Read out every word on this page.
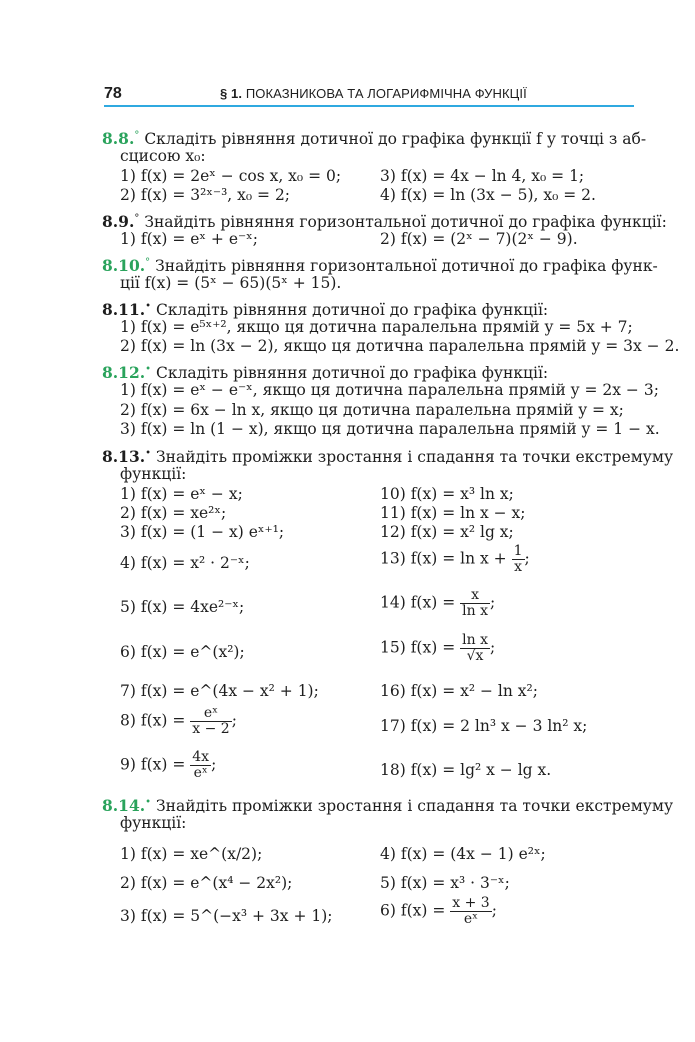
78	§ 1. ПОКАЗНИКОВА ТА ЛОГАРИФМІЧНА ФУНКЦІЇ
8.8.° Складіть рівняння дотичної до графіка функції f у точці з аб-
сцисою x₀:
1) f(x) = 2eˣ − cos x, x₀ = 0;	3) f(x) = 4x − ln 4, x₀ = 1;
2) f(x) = 3²ˣ⁻³, x₀ = 2;	4) f(x) = ln (3x − 5), x₀ = 2.
8.9.° Знайдіть рівняння горизонтальної дотичної до графіка функції:
1) f(x) = eˣ + e⁻ˣ;	2) f(x) = (2ˣ − 7)(2ˣ − 9).
8.10.° Знайдіть рівняння горизонтальної дотичної до графіка функ-
ції f(x) = (5ˣ − 65)(5ˣ + 15).
8.11.• Складіть рівняння дотичної до графіка функції:
1) f(x) = e⁵ˣ⁺², якщо ця дотична паралельна прямій y = 5x + 7;
2) f(x) = ln (3x − 2), якщо ця дотична паралельна прямій y = 3x − 2.
8.12.• Складіть рівняння дотичної до графіка функції:
1) f(x) = eˣ − e⁻ˣ, якщо ця дотична паралельна прямій y = 2x − 3;
2) f(x) = 6x − ln x, якщо ця дотична паралельна прямій y = x;
3) f(x) = ln (1 − x), якщо ця дотична паралельна прямій y = 1 − x.
8.13.• Знайдіть проміжки зростання і спадання та точки екстремуму
функції:
1) f(x) = eˣ − x;	10) f(x) = x³ ln x;
2) f(x) = xe²ˣ;	11) f(x) = ln x − x;
3) f(x) = (1 − x) eˣ⁺¹;	12) f(x) = x² lg x;
4) f(x) = x² · 2⁻ˣ;	13) $f(x) = \ln x + \frac{1}{x}$ ;
5) f(x) = 4xe²⁻ˣ;	14) $f(x) = \frac{x}{\text{ln x}}$ ;
6) f(x) = e^(x²);	15) $f(x) = \frac{\text{ln x}}{√x}$ ;
7) f(x) = e^(4x − x² + 1);	16) f(x) = x² − ln x²;
8) $f(x) = \frac{\text{eˣ}}{x - 2}$ ;	17) f(x) = 2 ln³ x − 3 ln² x;
9) $f(x) = \frac{4x}{\text{eˣ}}$ ;	18) f(x) = lg² x − lg x.
8.14.• Знайдіть проміжки зростання і спадання та точки екстремуму
функції:
1) f(x) = xe^(x/2);	4) f(x) = (4x − 1) e²ˣ;
2) f(x) = e^(x⁴ − 2x²);	5) f(x) = x³ · 3⁻ˣ;
3) f(x) = 5^(−x³ + 3x + 1);	6) $f(x) = \frac{x + 3}{\text{eˣ}}$ ;
